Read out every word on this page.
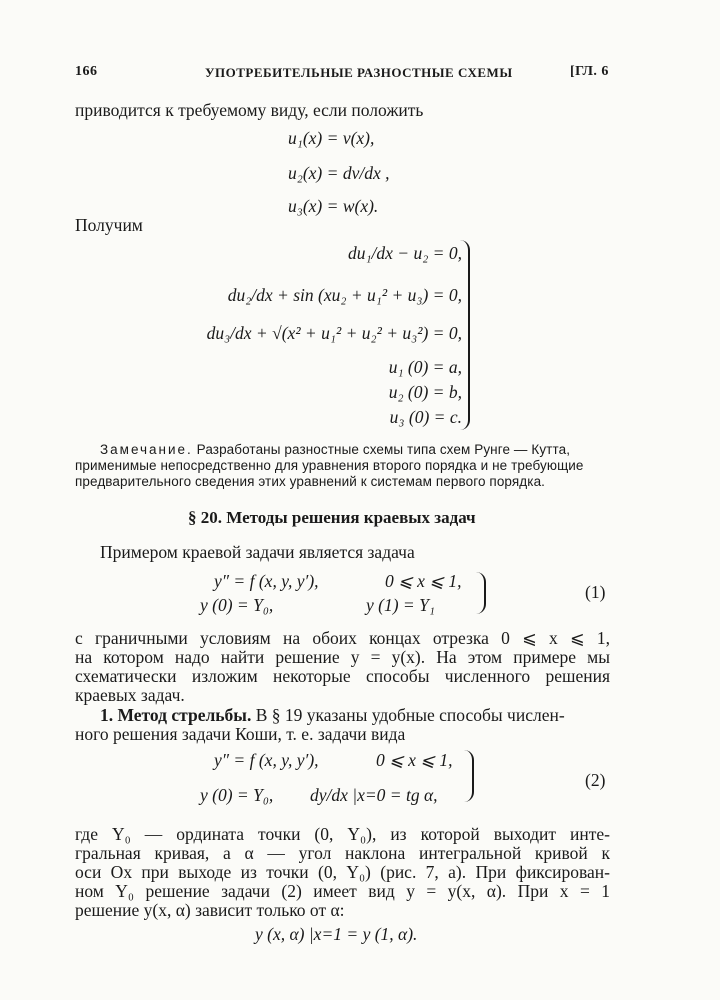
166	УПОТРЕБИТЕЛЬНЫЕ РАЗНОСТНЫЕ СХЕМЫ	[ГЛ. 6
приводится к требуемому виду, если положить
u₁(x) = v(x),
u₂(x) = dv/dx ,
u₃(x) = w(x).
Получим
du₁/dx − u₂ = 0,
du₂/dx + sin (xu₂ + u₁² + u₃) = 0,
du₃/dx + √(x² + u₁² + u₂² + u₃²) = 0,
u₁ (0) = a,
u₂ (0) = b,
u₃ (0) = c.
Замечание. Разработаны разностные схемы типа схем Рунге — Кутта,
применимые непосредственно для уравнения второго порядка и не требующие
предварительного сведения этих уравнений к системам первого порядка.
§ 20. Методы решения краевых задач
Примером краевой задачи является задача
y″ = f (x, y, y′),	0 ⩽ x ⩽ 1,
y (0) = Y₀,	y (1) = Y₁
(1)
с граничными условиям на обоих концах отрезка 0 ⩽ x ⩽ 1,
на котором надо найти решение y = y(x). На этом примере мы
схематически изложим некоторые способы численного решения
краевых задач.
1. Метод стрельбы. В § 19 указаны удобные способы числен-
ного решения задачи Коши, т. е. задачи вида
y″ = f (x, y, y′),	0 ⩽ x ⩽ 1,
y (0) = Y₀, dy/dx |x=0 = tg α,
(2)
где Y₀ — ордината точки (0, Y₀), из которой выходит инте-
гральная кривая, а α — угол наклона интегральной кривой к
оси Ox при выходе из точки (0, Y₀) (рис. 7, a). При фиксирован-
ном Y₀ решение задачи (2) имеет вид y = y(x, α). При x = 1
решение y(x, α) зависит только от α:
y (x, α) |x=1 = y (1, α).
